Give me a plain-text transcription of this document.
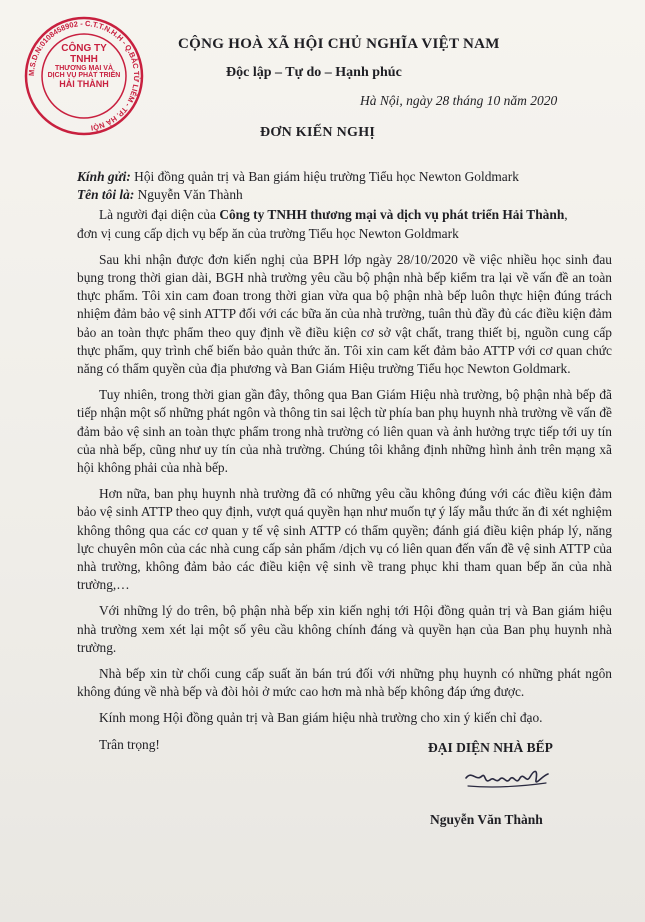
M.S.D.N:0108458902 - C.T.T.N.H.H - Q.BẮC TỪ LIÊM - TP. HÀ NỘI
CÔNG TY
TNHH
THƯƠNG MẠI VÀ
DỊCH VỤ PHÁT TRIỂN
HẢI THÀNH
CỘNG HOÀ XÃ HỘI CHỦ NGHĨA VIỆT NAM
Độc lập – Tự do – Hạnh phúc
Hà Nội, ngày 28 tháng 10 năm 2020
ĐƠN KIẾN NGHỊ

Kính gửi: Hội đồng quản trị và Ban giám hiệu trường Tiểu học Newton Goldmark

Tên tôi là: Nguyễn Văn Thành

Là người đại diện của Công ty TNHH thương mại và dịch vụ phát triển Hải Thành,

đơn vị cung cấp dịch vụ bếp ăn của trường Tiểu học Newton Goldmark

Sau khi nhận được đơn kiến nghị của BPH lớp ngày 28/10/2020 về việc nhiều học sinh đau bụng trong thời gian dài, BGH nhà trường yêu cầu bộ phận nhà bếp kiểm tra lại về vấn đề an toàn thực phẩm. Tôi xin cam đoan trong thời gian vừa qua bộ phận nhà bếp luôn thực hiện đúng trách nhiệm đảm bảo vệ sinh ATTP đối với các bữa ăn của nhà trường, tuân thủ đầy đủ các điều kiện đảm bảo an toàn thực phẩm theo quy định về điều kiện cơ sở vật chất, trang thiết bị, nguồn cung cấp thực phẩm, quy trình chế biến bảo quản thức ăn. Tôi xin cam kết đảm bảo ATTP với cơ quan chức năng có thẩm quyền của địa phương và Ban Giám Hiệu trường Tiểu học Newton Goldmark.

Tuy nhiên, trong thời gian gần đây, thông qua Ban Giám Hiệu nhà trường, bộ phận nhà bếp đã tiếp nhận một số những phát ngôn và thông tin sai lệch từ phía ban phụ huynh nhà trường về vấn đề đảm bảo vệ sinh an toàn thực phẩm trong nhà trường có liên quan và ảnh hưởng trực tiếp tới uy tín của nhà bếp, cũng như uy tín của nhà trường. Chúng tôi khẳng định những hình ảnh trên mạng xã hội không phải của nhà bếp.

Hơn nữa, ban phụ huynh nhà trường đã có những yêu cầu không đúng với các điều kiện đảm bảo vệ sinh ATTP theo quy định, vượt quá quyền hạn như muốn tự ý lấy mẫu thức ăn đi xét nghiệm không thông qua các cơ quan y tế vệ sinh ATTP có thẩm quyền; đánh giá điều kiện pháp lý, năng lực chuyên môn của các nhà cung cấp sản phẩm /dịch vụ có liên quan đến vấn đề vệ sinh ATTP của nhà trường, không đảm bảo các điều kiện vệ sinh về trang phục khi tham quan bếp ăn của nhà trường,…

Với những lý do trên, bộ phận nhà bếp xin kiến nghị tới Hội đồng quản trị và Ban giám hiệu nhà trường xem xét lại một số yêu cầu không chính đáng và quyền hạn của Ban phụ huynh nhà trường.

Nhà bếp xin từ chối cung cấp suất ăn bán trú đối với những phụ huynh có những phát ngôn không đúng về nhà bếp và đòi hỏi ở mức cao hơn mà nhà bếp không đáp ứng được.

Kính mong Hội đồng quản trị và Ban giám hiệu nhà trường cho xin ý kiến chỉ đạo.

Trân trọng!	ĐẠI DIỆN NHÀ BẾP
Nguyễn Văn Thành
